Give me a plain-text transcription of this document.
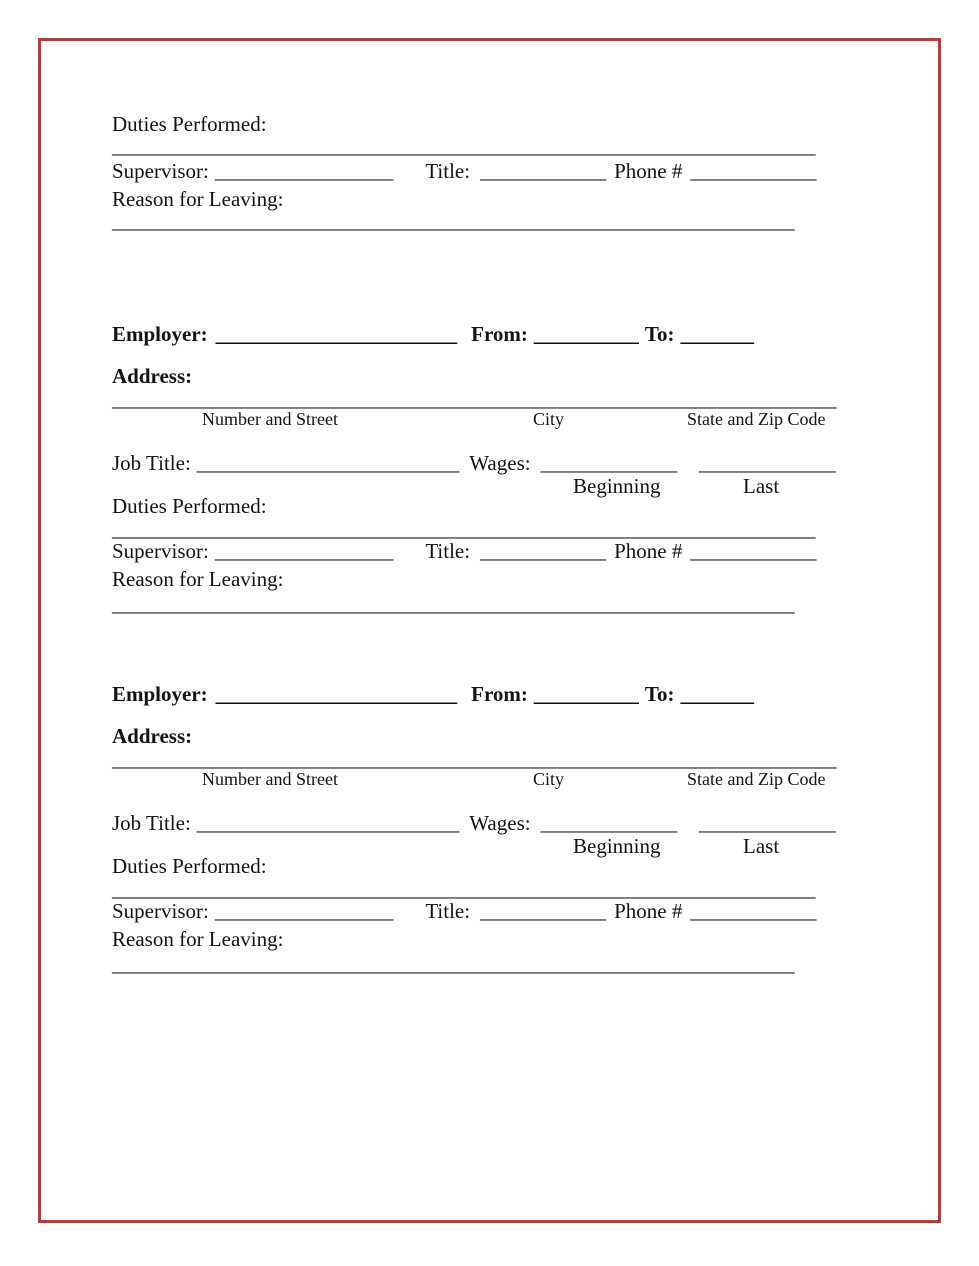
Duties Performed:
___________________________________________________________________
Supervisor: _________________ Title: ____________ Phone # ____________
Reason for Leaving:
_________________________________________________________________
Employer: _______________________ From: __________ To: _______
Address:
_____________________________________________________________________
Number and Street	City	State and Zip Code
Job Title: _________________________ Wages: _____________ _____________
Beginning	Last
Duties Performed:
___________________________________________________________________
Supervisor: _________________ Title: ____________ Phone # ____________
Reason for Leaving:
_________________________________________________________________
Employer: _______________________ From: __________ To: _______
Address:
_____________________________________________________________________
Number and Street	City	State and Zip Code
Job Title: _________________________ Wages: _____________ _____________
Beginning	Last
Duties Performed:
___________________________________________________________________
Supervisor: _________________ Title: ____________ Phone # ____________
Reason for Leaving:
_________________________________________________________________
